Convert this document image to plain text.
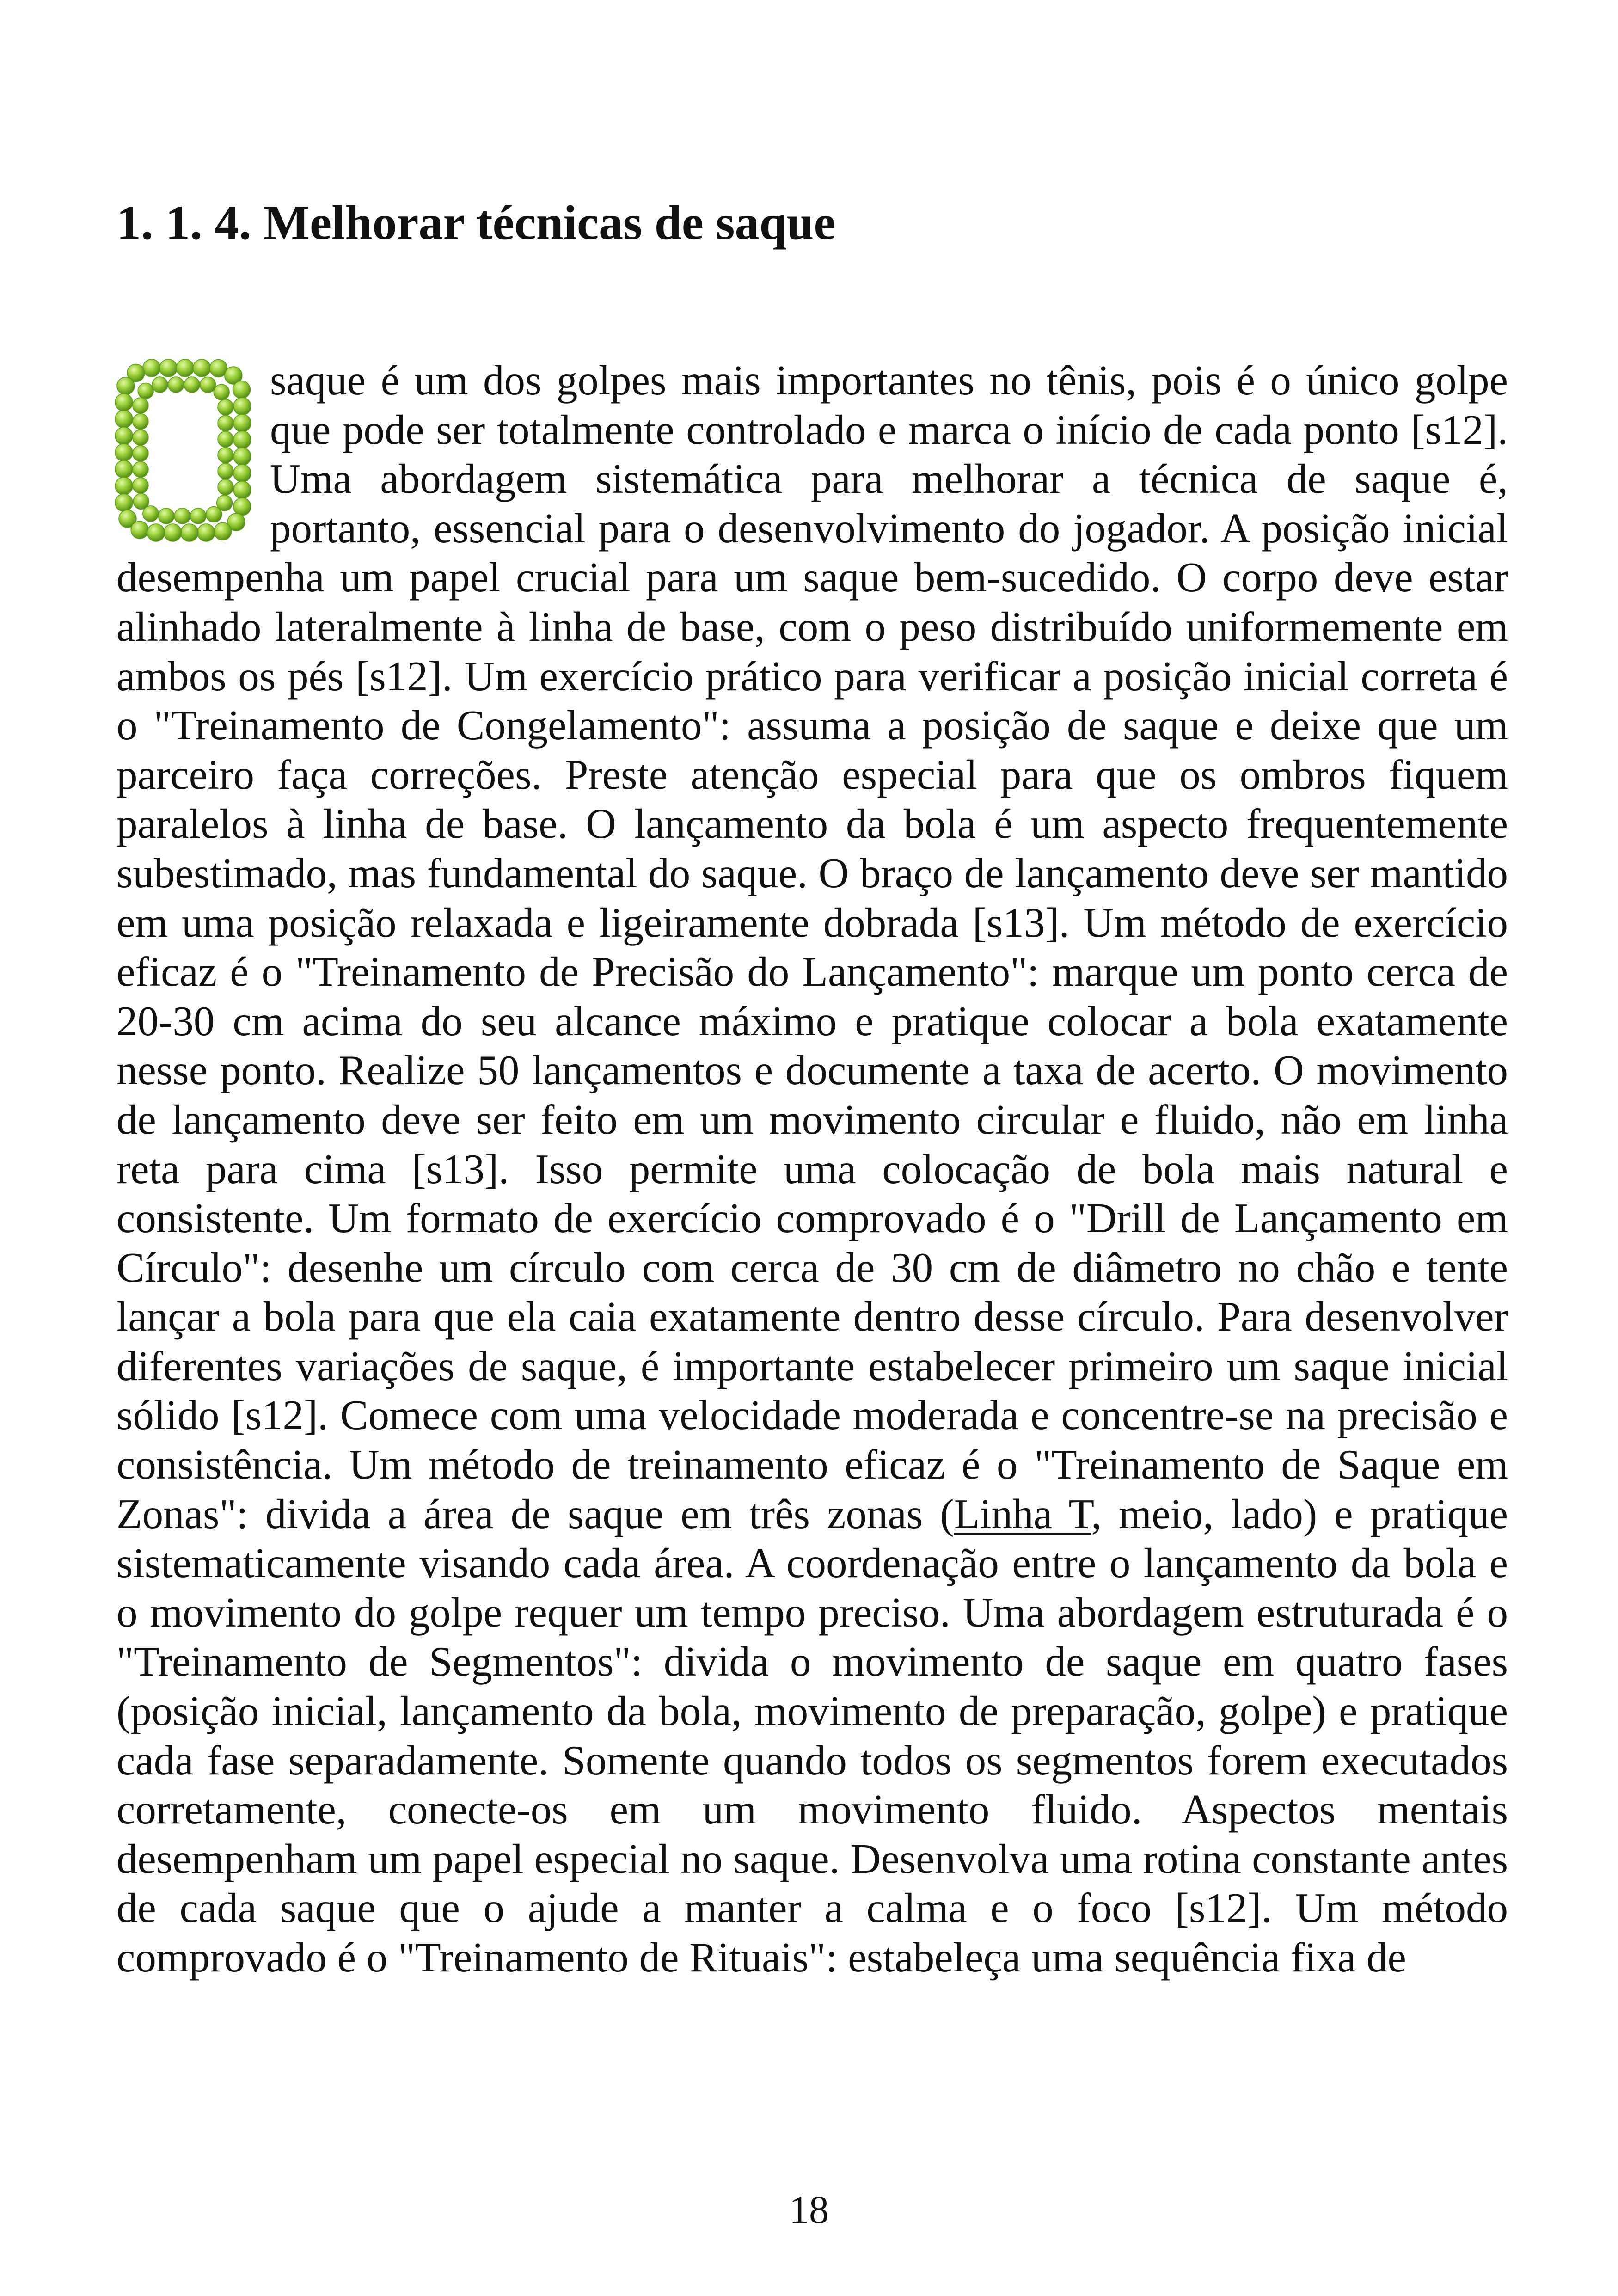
1. 1. 4. Melhorar técnicas de saque

O
saque é um dos golpes mais importantes no tênis, pois é o único golpe que pode ser totalmente controlado e marca o início de cada ponto [s12]. Uma abordagem sistemática para melhorar a técnica de saque é, portanto, essencial para o desenvolvimento do jogador. A posição inicial desempenha um papel crucial para um saque bem-sucedido. O corpo deve estar alinhado lateralmente à linha de base, com o peso distribuído uniformemente em ambos os pés [s12]. Um exercício prático para verificar a posição inicial correta é o "Treinamento de Congelamento": assuma a posição de saque e deixe que um parceiro faça correções. Preste atenção especial para que os ombros fiquem paralelos à linha de base. O lançamento da bola é um aspecto frequentemente subestimado, mas fundamental do saque. O braço de lançamento deve ser mantido em uma posição relaxada e ligeiramente dobrada [s13]. Um método de exercício eficaz é o "Treinamento de Precisão do Lançamento": marque um ponto cerca de 20-30 cm acima do seu alcance máximo e pratique colocar a bola exatamente nesse ponto. Realize 50 lançamentos e documente a taxa de acerto. O movimento de lançamento deve ser feito em um movimento circular e fluido, não em linha reta para cima [s13]. Isso permite uma colocação de bola mais natural e consistente. Um formato de exercício comprovado é o "Drill de Lançamento em Círculo": desenhe um círculo com cerca de 30 cm de diâmetro no chão e tente lançar a bola para que ela caia exatamente dentro desse círculo. Para desenvolver diferentes variações de saque, é importante estabelecer primeiro um saque inicial sólido [s12]. Comece com uma velocidade moderada e concentre-se na precisão e consistência. Um método de treinamento eficaz é o "Treinamento de Saque em Zonas": divida a área de saque em três zonas (Linha T, meio, lado) e pratique sistematicamente visando cada área. A coordenação entre o lançamento da bola e o movimento do golpe requer um tempo preciso. Uma abordagem estruturada é o "Treinamento de Segmentos": divida o movimento de saque em quatro fases (posição inicial, lançamento da bola, movimento de preparação, golpe) e pratique cada fase separadamente. Somente quando todos os segmentos forem executados corretamente, conecte-os em um movimento fluido. Aspectos mentais desempenham um papel especial no saque. Desenvolva uma rotina constante antes de cada saque que o ajude a manter a calma e o foco [s12]. Um método comprovado é o "Treinamento de Rituais": estabeleça uma sequência fixa de

18
